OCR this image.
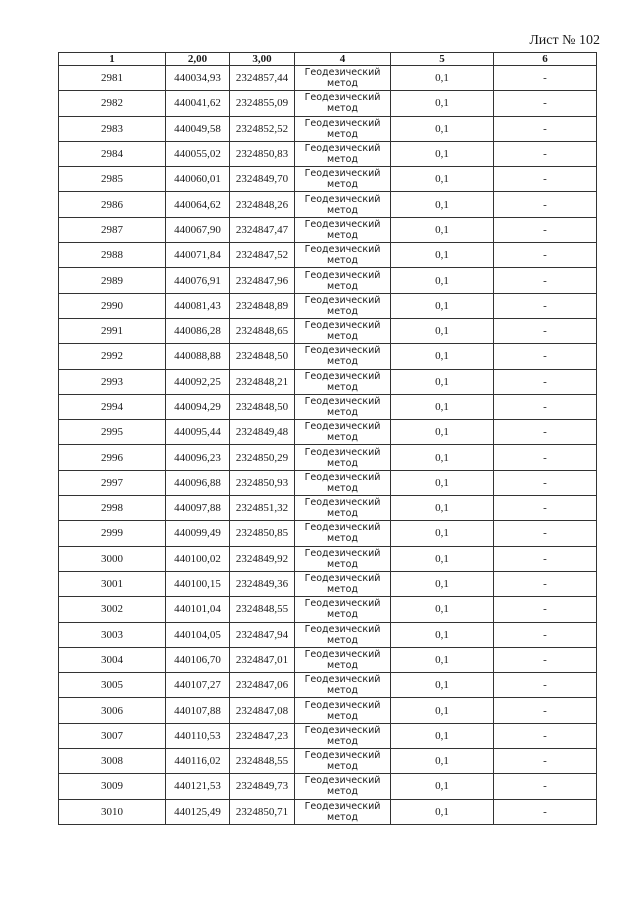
Лист № 102
1	2,00	3,00	4	5	6
2981	440034,93	2324857,44	Геодезический метод	0,1	-
2982	440041,62	2324855,09	Геодезический метод	0,1	-
2983	440049,58	2324852,52	Геодезический метод	0,1	-
2984	440055,02	2324850,83	Геодезический метод	0,1	-
2985	440060,01	2324849,70	Геодезический метод	0,1	-
2986	440064,62	2324848,26	Геодезический метод	0,1	-
2987	440067,90	2324847,47	Геодезический метод	0,1	-
2988	440071,84	2324847,52	Геодезический метод	0,1	-
2989	440076,91	2324847,96	Геодезический метод	0,1	-
2990	440081,43	2324848,89	Геодезический метод	0,1	-
2991	440086,28	2324848,65	Геодезический метод	0,1	-
2992	440088,88	2324848,50	Геодезический метод	0,1	-
2993	440092,25	2324848,21	Геодезический метод	0,1	-
2994	440094,29	2324848,50	Геодезический метод	0,1	-
2995	440095,44	2324849,48	Геодезический метод	0,1	-
2996	440096,23	2324850,29	Геодезический метод	0,1	-
2997	440096,88	2324850,93	Геодезический метод	0,1	-
2998	440097,88	2324851,32	Геодезический метод	0,1	-
2999	440099,49	2324850,85	Геодезический метод	0,1	-
3000	440100,02	2324849,92	Геодезический метод	0,1	-
3001	440100,15	2324849,36	Геодезический метод	0,1	-
3002	440101,04	2324848,55	Геодезический метод	0,1	-
3003	440104,05	2324847,94	Геодезический метод	0,1	-
3004	440106,70	2324847,01	Геодезический метод	0,1	-
3005	440107,27	2324847,06	Геодезический метод	0,1	-
3006	440107,88	2324847,08	Геодезический метод	0,1	-
3007	440110,53	2324847,23	Геодезический метод	0,1	-
3008	440116,02	2324848,55	Геодезический метод	0,1	-
3009	440121,53	2324849,73	Геодезический метод	0,1	-
3010	440125,49	2324850,71	Геодезический метод	0,1	-
